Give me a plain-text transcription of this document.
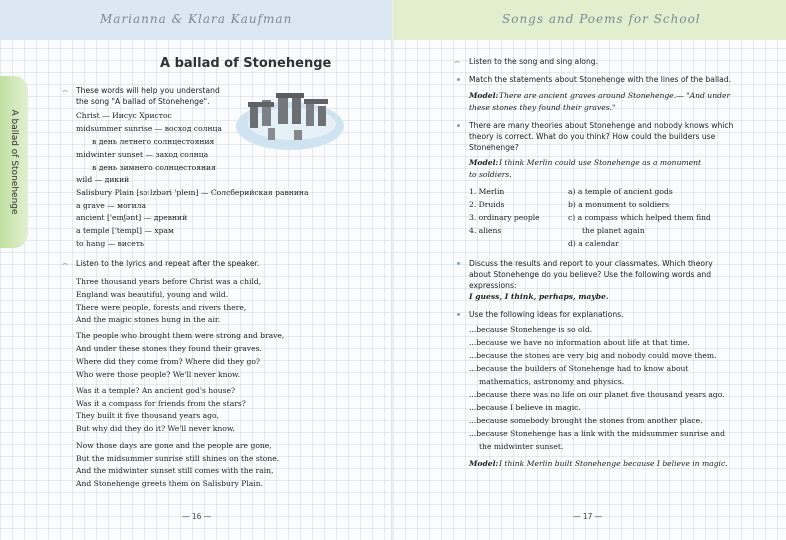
Marianna & Klara Kaufman
A ballad of Stonehenge
A ballad of Stonehenge
⌢ These words will help you understand
the song "A ballad of Stonehenge".
Christ — Иисус Христос
midsummer sunrise — восход солнца
в день летнего солнцестояния
midwinter sunset — заход солнца
в день зимнего солнцестояния
wild — дикий
Salisbury Plain [sɔːlzbəri 'pleɪn] — Солсберийская равнина
a grave — могила
ancient ['eɪnʃənt] — древний
a temple ['templ] — храм
to hang — висеть
⌢ Listen to the lyrics and repeat after the speaker.
Three thousand years before Christ was a child,
England was beautiful, young and wild.
There were people, forests and rivers there,
And the magic stones hung in the air.
The people who brought them were strong and brave,
And under these stones they found their graves.
Where did they come from? Where did they go?
Who were those people? We'll never know.
Was it a temple? An ancient god's house?
Was it a compass for friends from the stars?
They built it five thousand years ago,
But why did they do it? We'll never know.
Now those days are gone and the people are gone,
But the midsummer sunrise still shines on the stone.
And the midwinter sunset still comes with the rain,
And Stonehenge greets them on Salisbury Plain.
— 16 —
Songs and Poems for School
⌢ Listen to the song and sing along.
Match the statements about Stonehenge with the lines of the ballad.
Model: There are ancient graves around Stonehenge.— "And under
these stones they found their graves."
There are many theories about Stonehenge and nobody knows which
theory is correct. What do you think? How could the builders use
Stonehenge?
Model: I think Merlin could use Stonehenge as a monument
to soldiers.
1. Merlin
2. Druids
3. ordinary people
4. aliens
a) a temple of ancient gods
b) a monument to soldiers
c) a compass which helped them find
the planet again
d) a calendar
Discuss the results and report to your classmates. Which theory
about Stonehenge do you believe? Use the following words and
expressions:
I guess, I think, perhaps, maybe.
Use the following ideas for explanations.
...because Stonehenge is so old.
...because we have no information about life at that time.
...because the stones are very big and nobody could move them.
...because the builders of Stonehenge had to know about
mathematics, astronomy and physics.
...because there was no life on our planet five thousand years ago.
...because I believe in magic.
...because somebody brought the stones from another place.
...because Stonehenge has a link with the midsummer sunrise and
the midwinter sunset.
Model: I think Merlin built Stonehenge because I believe in magic.
— 17 —
